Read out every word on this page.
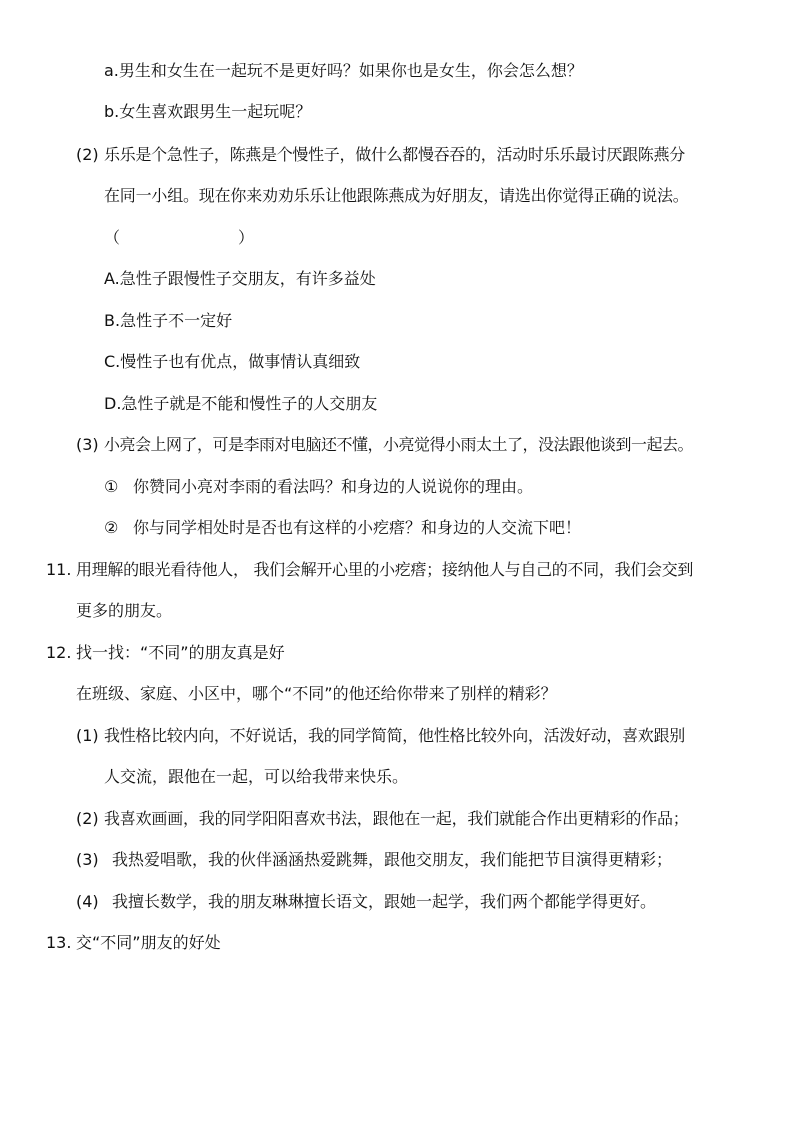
a.男生和女生在一起玩不是更好吗？如果你也是女生，你会怎么想？
b.女生喜欢跟男生一起玩呢？
(2) 乐乐是个急性子，陈燕是个慢性子，做什么都慢吞吞的，活动时乐乐最讨厌跟陈燕分
在同一小组。现在你来劝劝乐乐让他跟陈燕成为好朋友，请选出你觉得正确的说法。
（	）
A.急性子跟慢性子交朋友，有许多益处
B.急性子不一定好
C.慢性子也有优点，做事情认真细致
D.急性子就是不能和慢性子的人交朋友
(3) 小亮会上网了，可是李雨对电脑还不懂，小亮觉得小雨太土了，没法跟他谈到一起去。
① 你赞同小亮对李雨的看法吗？和身边的人说说你的理由。
② 你与同学相处时是否也有这样的小疙瘩？和身边的人交流下吧！
11. 用理解的眼光看待他人， 我们会解开心里的小疙瘩；接纳他人与自己的不同，我们会交到
更多的朋友。
12. 找一找：“不同”的朋友真是好
在班级、家庭、小区中，哪个“不同”的他还给你带来了别样的精彩？
(1) 我性格比较内向，不好说话，我的同学简简，他性格比较外向，活泼好动，喜欢跟别
人交流，跟他在一起，可以给我带来快乐。
(2) 我喜欢画画，我的同学阳阳喜欢书法，跟他在一起，我们就能合作出更精彩的作品；
(3) 我热爱唱歌，我的伙伴涵涵热爱跳舞，跟他交朋友，我们能把节目演得更精彩；
(4) 我擅长数学，我的朋友琳琳擅长语文，跟她一起学，我们两个都能学得更好。
13. 交“不同”朋友的好处
